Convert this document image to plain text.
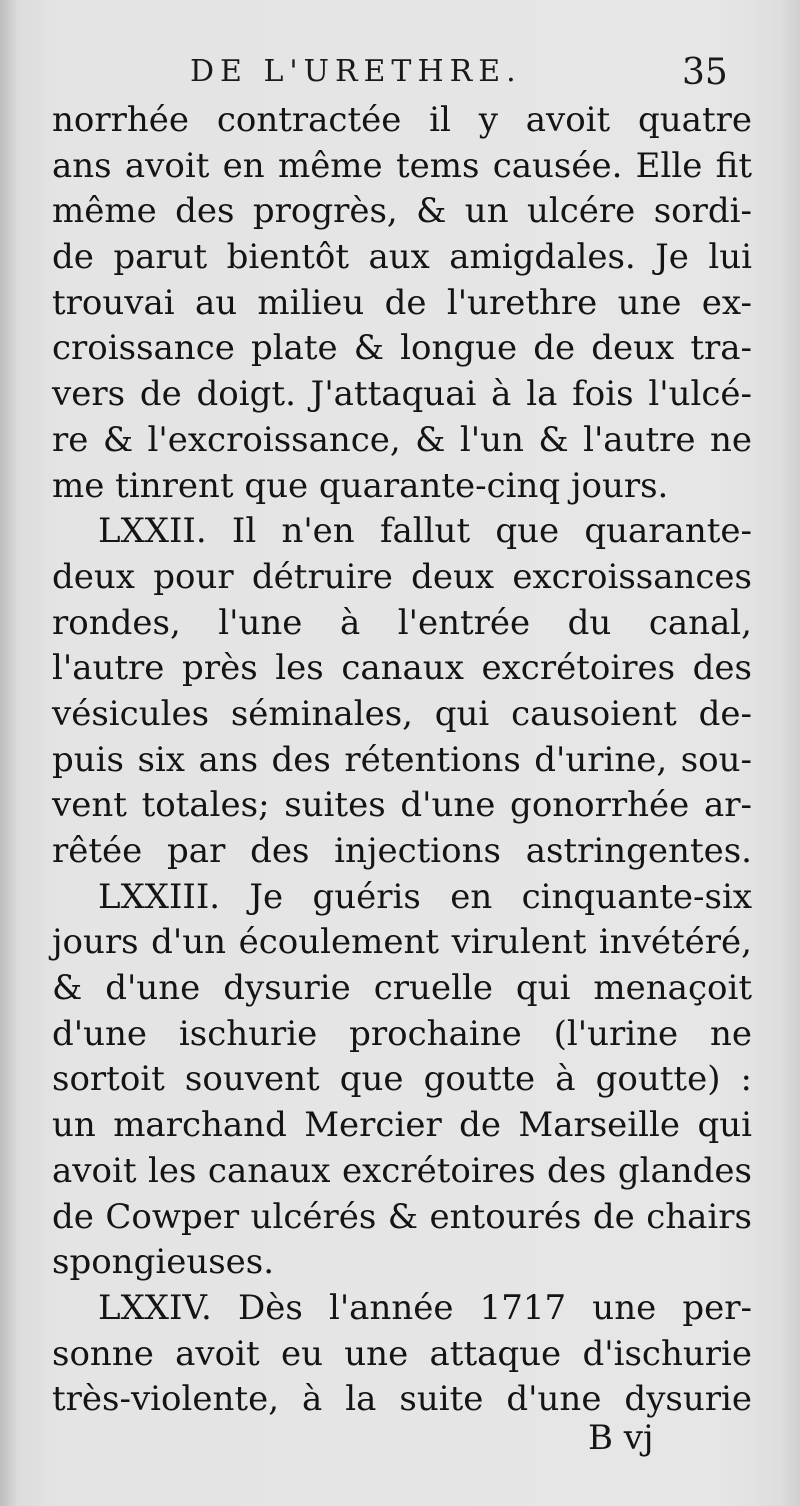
DE L'URETHRE.	35
norrhée contractée il y avoit quatre
ans avoit en même tems causée. Elle fit
même des progrès, & un ulcére sordi-
de parut bientôt aux amigdales. Je lui
trouvai au milieu de l'urethre une ex-
croissance plate & longue de deux tra-
vers de doigt. J'attaquai à la fois l'ulcé-
re & l'excroissance, & l'un & l'autre ne
me tinrent que quarante-cinq jours.
LXXII. Il n'en fallut que quarante-
deux pour détruire deux excroissances
rondes, l'une à l'entrée du canal,
l'autre près les canaux excrétoires des
vésicules séminales, qui causoient de-
puis six ans des rétentions d'urine, sou-
vent totales; suites d'une gonorrhée ar-
rêtée par des injections astringentes.
LXXIII. Je guéris en cinquante-six
jours d'un écoulement virulent invétéré,
& d'une dysurie cruelle qui menaçoit
d'une ischurie prochaine (l'urine ne
sortoit souvent que goutte à goutte) :
un marchand Mercier de Marseille qui
avoit les canaux excrétoires des glandes
de Cowper ulcérés & entourés de chairs
spongieuses.
LXXIV. Dès l'année 1717 une per-
sonne avoit eu une attaque d'ischurie
très-violente, à la suite d'une dysurie
B vj
